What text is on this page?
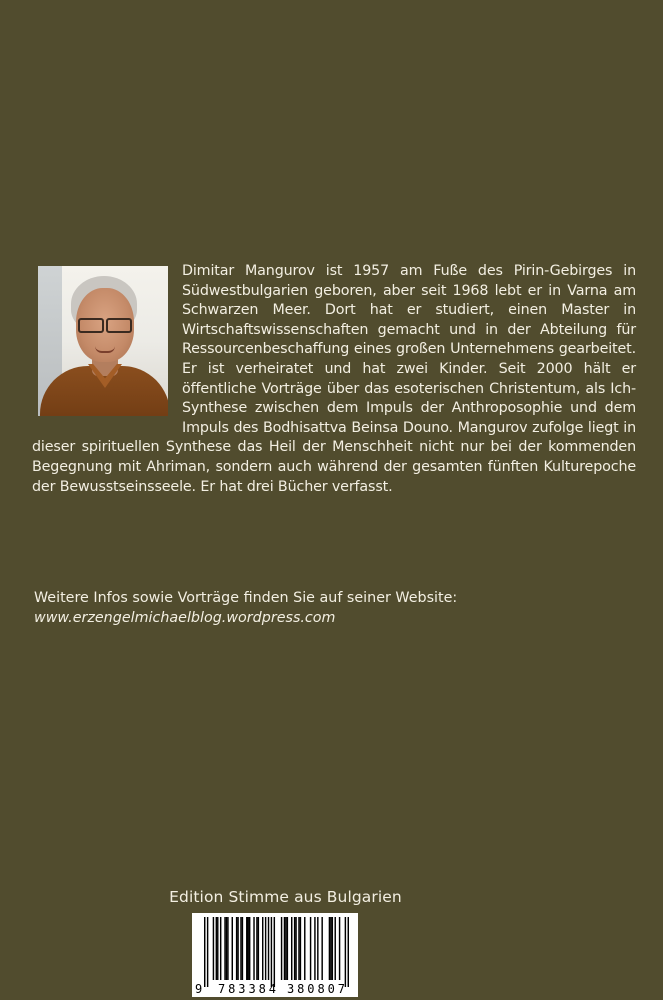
Dimitar Mangurov ist 1957 am Fuße des Pirin-Gebirges in Südwestbulgarien geboren, aber seit 1968 lebt er in Varna am Schwarzen Meer. Dort hat er studiert, einen Master in Wirtschaftswissenschaften gemacht und in der Abteilung für Ressourcenbeschaffung eines großen Unternehmens gearbeitet. Er ist verheiratet und hat zwei Kinder. Seit 2000 hält er öffentliche Vorträge über das esoterischen Christentum, als Ich-Synthese zwischen dem Impuls der Anthroposophie und dem Impuls des Bodhisattva Beinsa Douno. Mangurov zufolge liegt in dieser spirituellen Synthese das Heil der Menschheit nicht nur bei der kommenden Begegnung mit Ahriman, sondern auch während der gesamten fünften Kulturepoche der Bewusstseinsseele. Er hat drei Bücher verfasst.
Weitere Infos sowie Vorträge finden Sie auf seiner Website:
www.erzengelmichaelblog.wordpress.com
Edition Stimme aus Bulgarien
9 783384 380807
